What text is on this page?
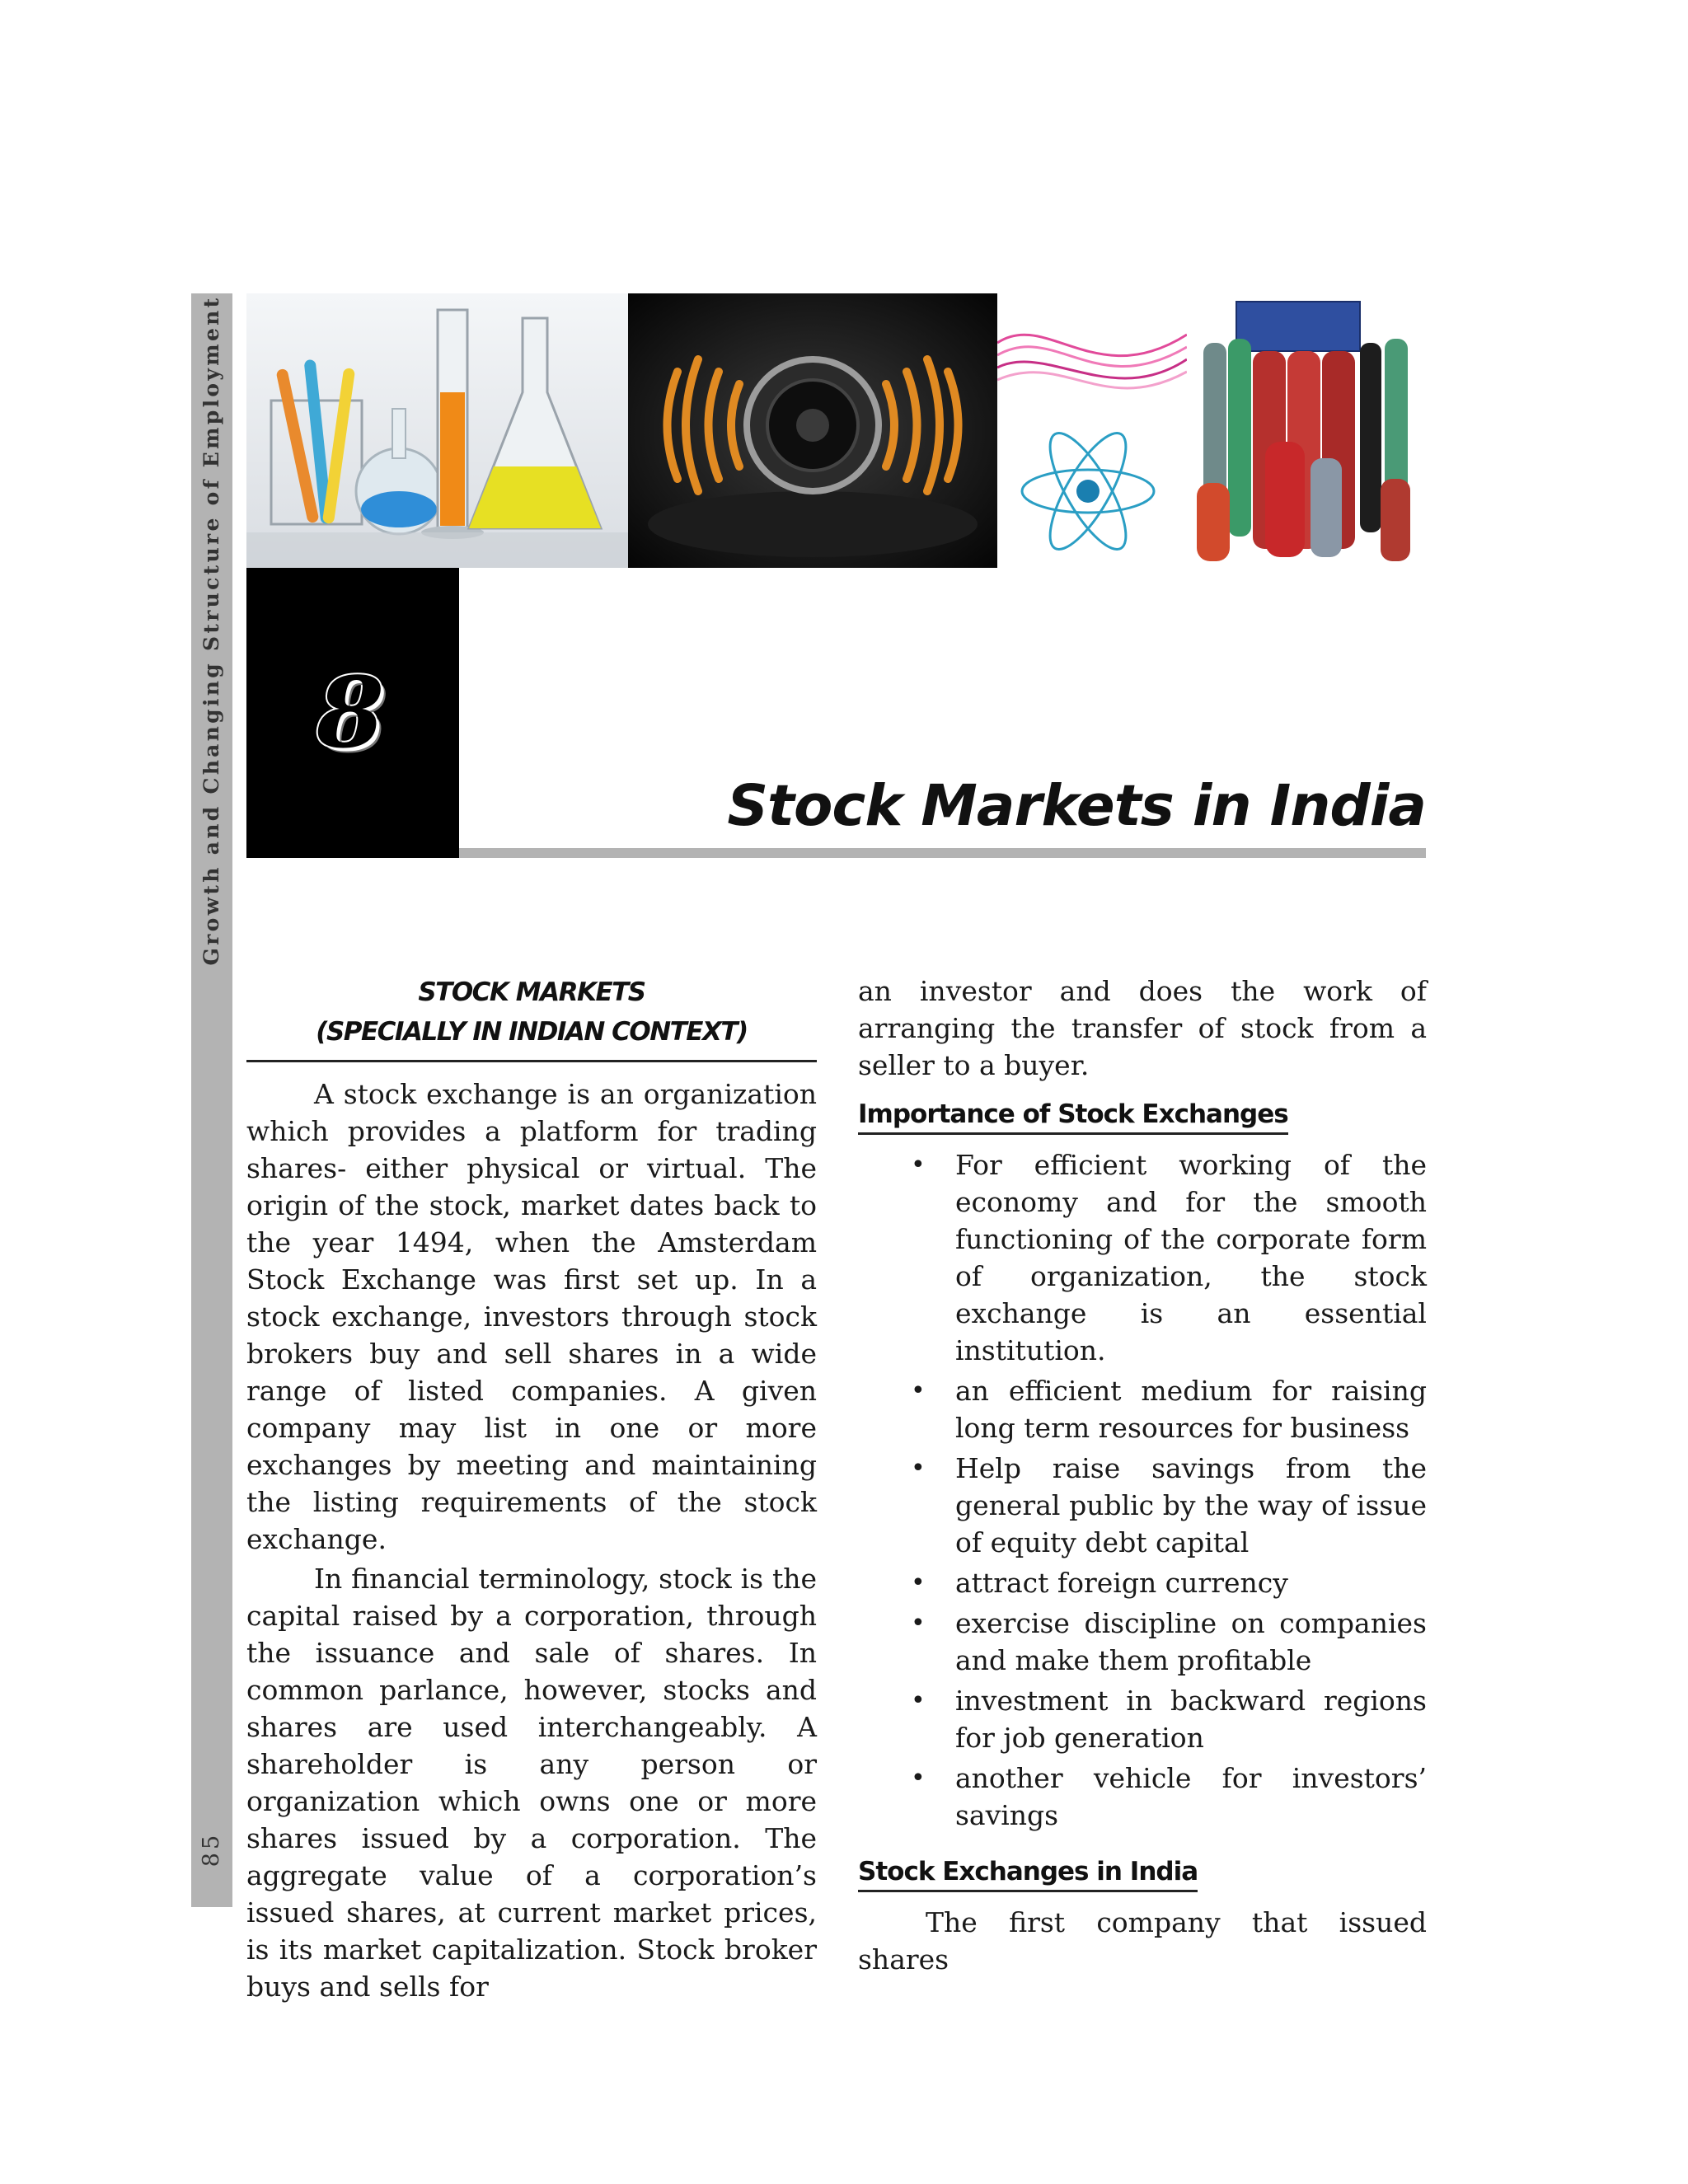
Growth and Changing Structure of Employment
85
8
Stock Markets in India
STOCK MARKETS
(SPECIALLY IN INDIAN CONTEXT)

A stock exchange is an organization which provides a platform for trading shares- either physical or virtual. The origin of the stock, market dates back to the year 1494, when the Amsterdam Stock Exchange was first set up. In a stock exchange, investors through stock brokers buy and sell shares in a wide range of listed companies. A given company may list in one or more exchanges by meeting and maintaining the listing requirements of the stock exchange.

In financial terminology, stock is the capital raised by a corporation, through the issuance and sale of shares. In common parlance, however, stocks and shares are used interchangeably. A shareholder is any person or organization which owns one or more shares issued by a corporation. The aggregate value of a corporation’s issued shares, at current market prices, is its market capitalization. Stock broker buys and sells for

an investor and does the work of arranging the transfer of stock from a seller to a buyer.

Importance of Stock Exchanges
• For efficient working of the economy and for the smooth functioning of the corporate form of organization, the stock exchange is an essential institution.
• an efficient medium for raising long term resources for business
• Help raise savings from the general public by the way of issue of equity debt capital
• attract foreign currency
• exercise discipline on companies and make them profitable
• investment in backward regions for job generation
• another vehicle for investors’ savings
Stock Exchanges in India

The first company that issued shares
